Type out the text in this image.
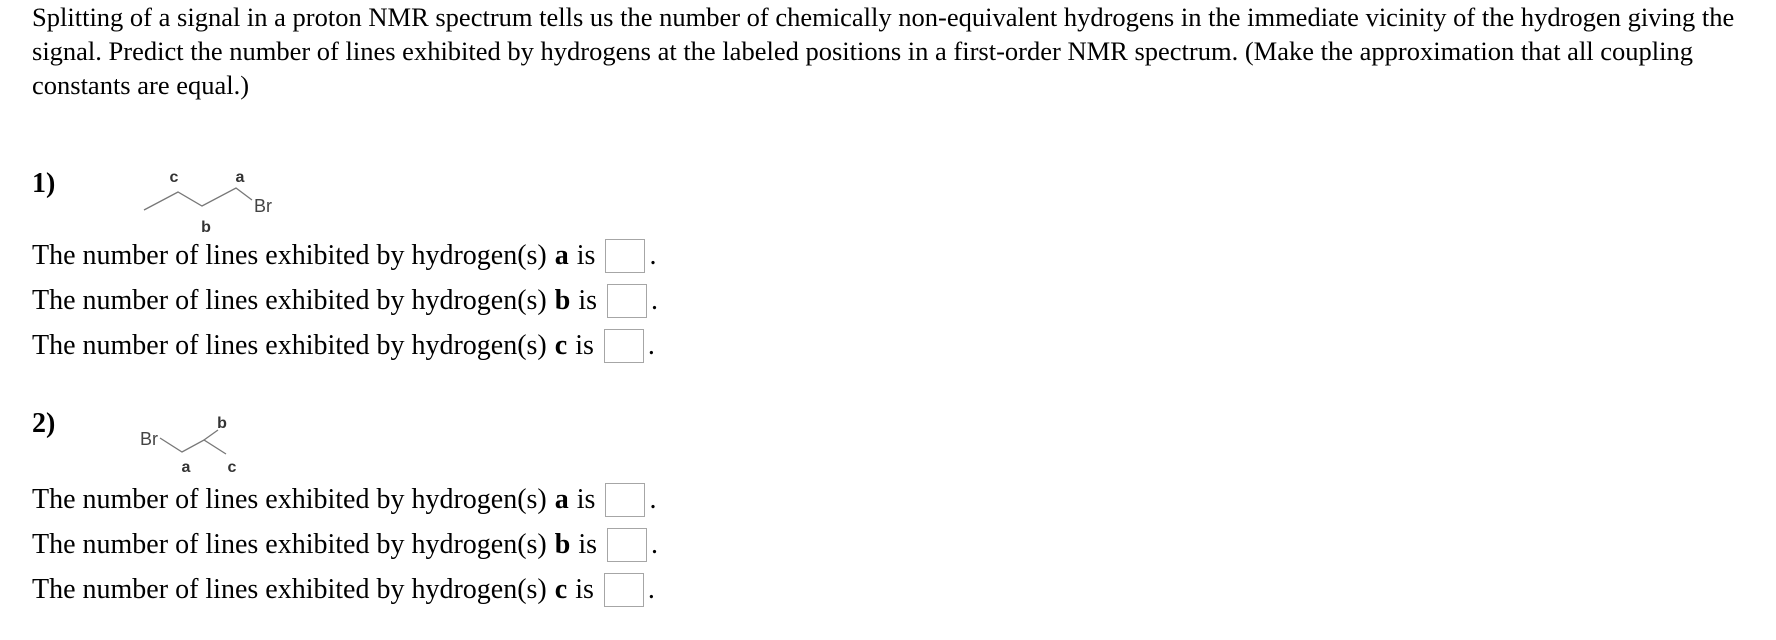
Splitting of a signal in a proton NMR spectrum tells us the number of chemically non-equivalent hydrogens in the immediate vicinity of the hydrogen giving the signal. Predict the number of lines exhibited by hydrogens at the labeled positions in a first-order NMR spectrum. (Make the approximation that all coupling constants are equal.)
1)	c	a
b
Br
The number of lines exhibited by hydrogen(s) a is .
The number of lines exhibited by hydrogen(s) b is .
The number of lines exhibited by hydrogen(s) c is .
2)	Br
b
a c
The number of lines exhibited by hydrogen(s) a is .
The number of lines exhibited by hydrogen(s) b is .
The number of lines exhibited by hydrogen(s) c is .
